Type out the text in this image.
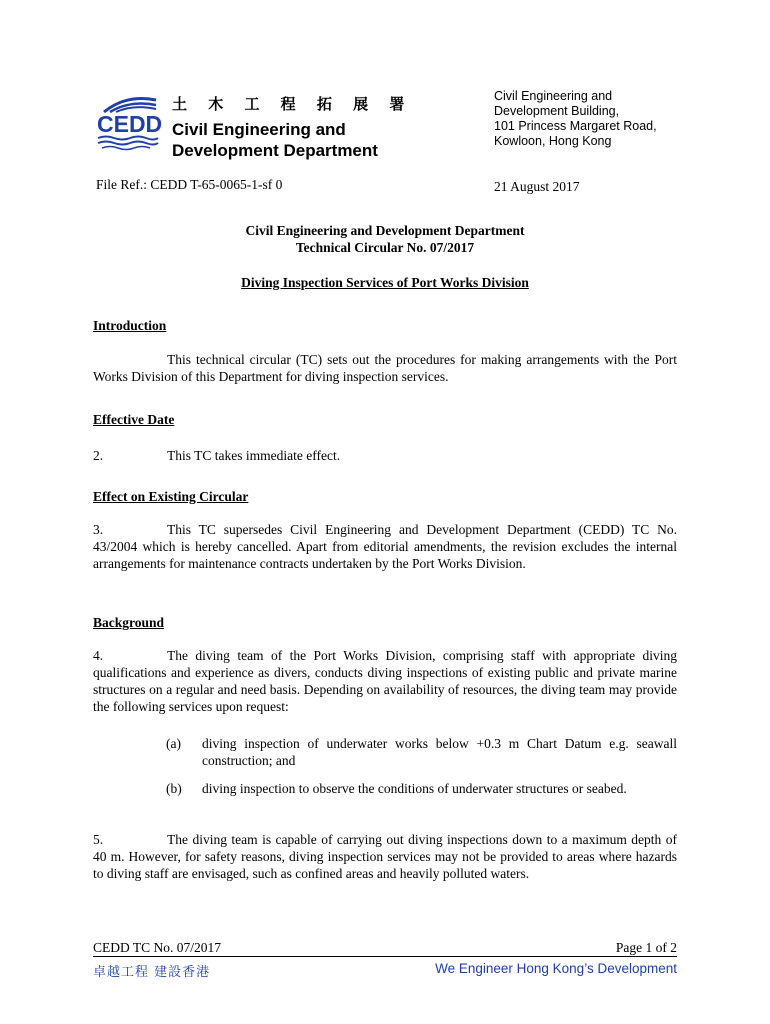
CEDD
土 木 工 程 拓 展 署
Civil Engineering and
Development Department
Civil Engineering and
Development Building,
101 Princess Margaret Road,
Kowloon, Hong Kong
File Ref.: CEDD T-65-0065-1-sf 0	21 August 2017
Civil Engineering and Development Department
Technical Circular No. 07/2017
Diving Inspection Services of Port Works Division
Introduction
This technical circular (TC) sets out the procedures for making arrangements with the Port Works Division of this Department for diving inspection services.
Effective Date
2.	This TC takes immediate effect.
Effect on Existing Circular
3.	This TC supersedes Civil Engineering and Development Department (CEDD) TC No. 43/2004 which is hereby cancelled. Apart from editorial amendments, the revision excludes the internal arrangements for maintenance contracts undertaken by the Port Works Division.
Background
4.	The diving team of the Port Works Division, comprising staff with appropriate diving qualifications and experience as divers, conducts diving inspections of existing public and private marine structures on a regular and need basis. Depending on availability of resources, the diving team may provide the following services upon request:
(a) diving inspection of underwater works below +0.3 m Chart Datum e.g. seawall construction; and
(b) diving inspection to observe the conditions of underwater structures or seabed.
5.	The diving team is capable of carrying out diving inspections down to a maximum depth of 40 m. However, for safety reasons, diving inspection services may not be provided to areas where hazards to diving staff are envisaged, such as confined areas and heavily polluted waters.
CEDD TC No. 07/2017	Page 1 of 2
卓越工程 建設香港	We Engineer Hong Kong’s Development
